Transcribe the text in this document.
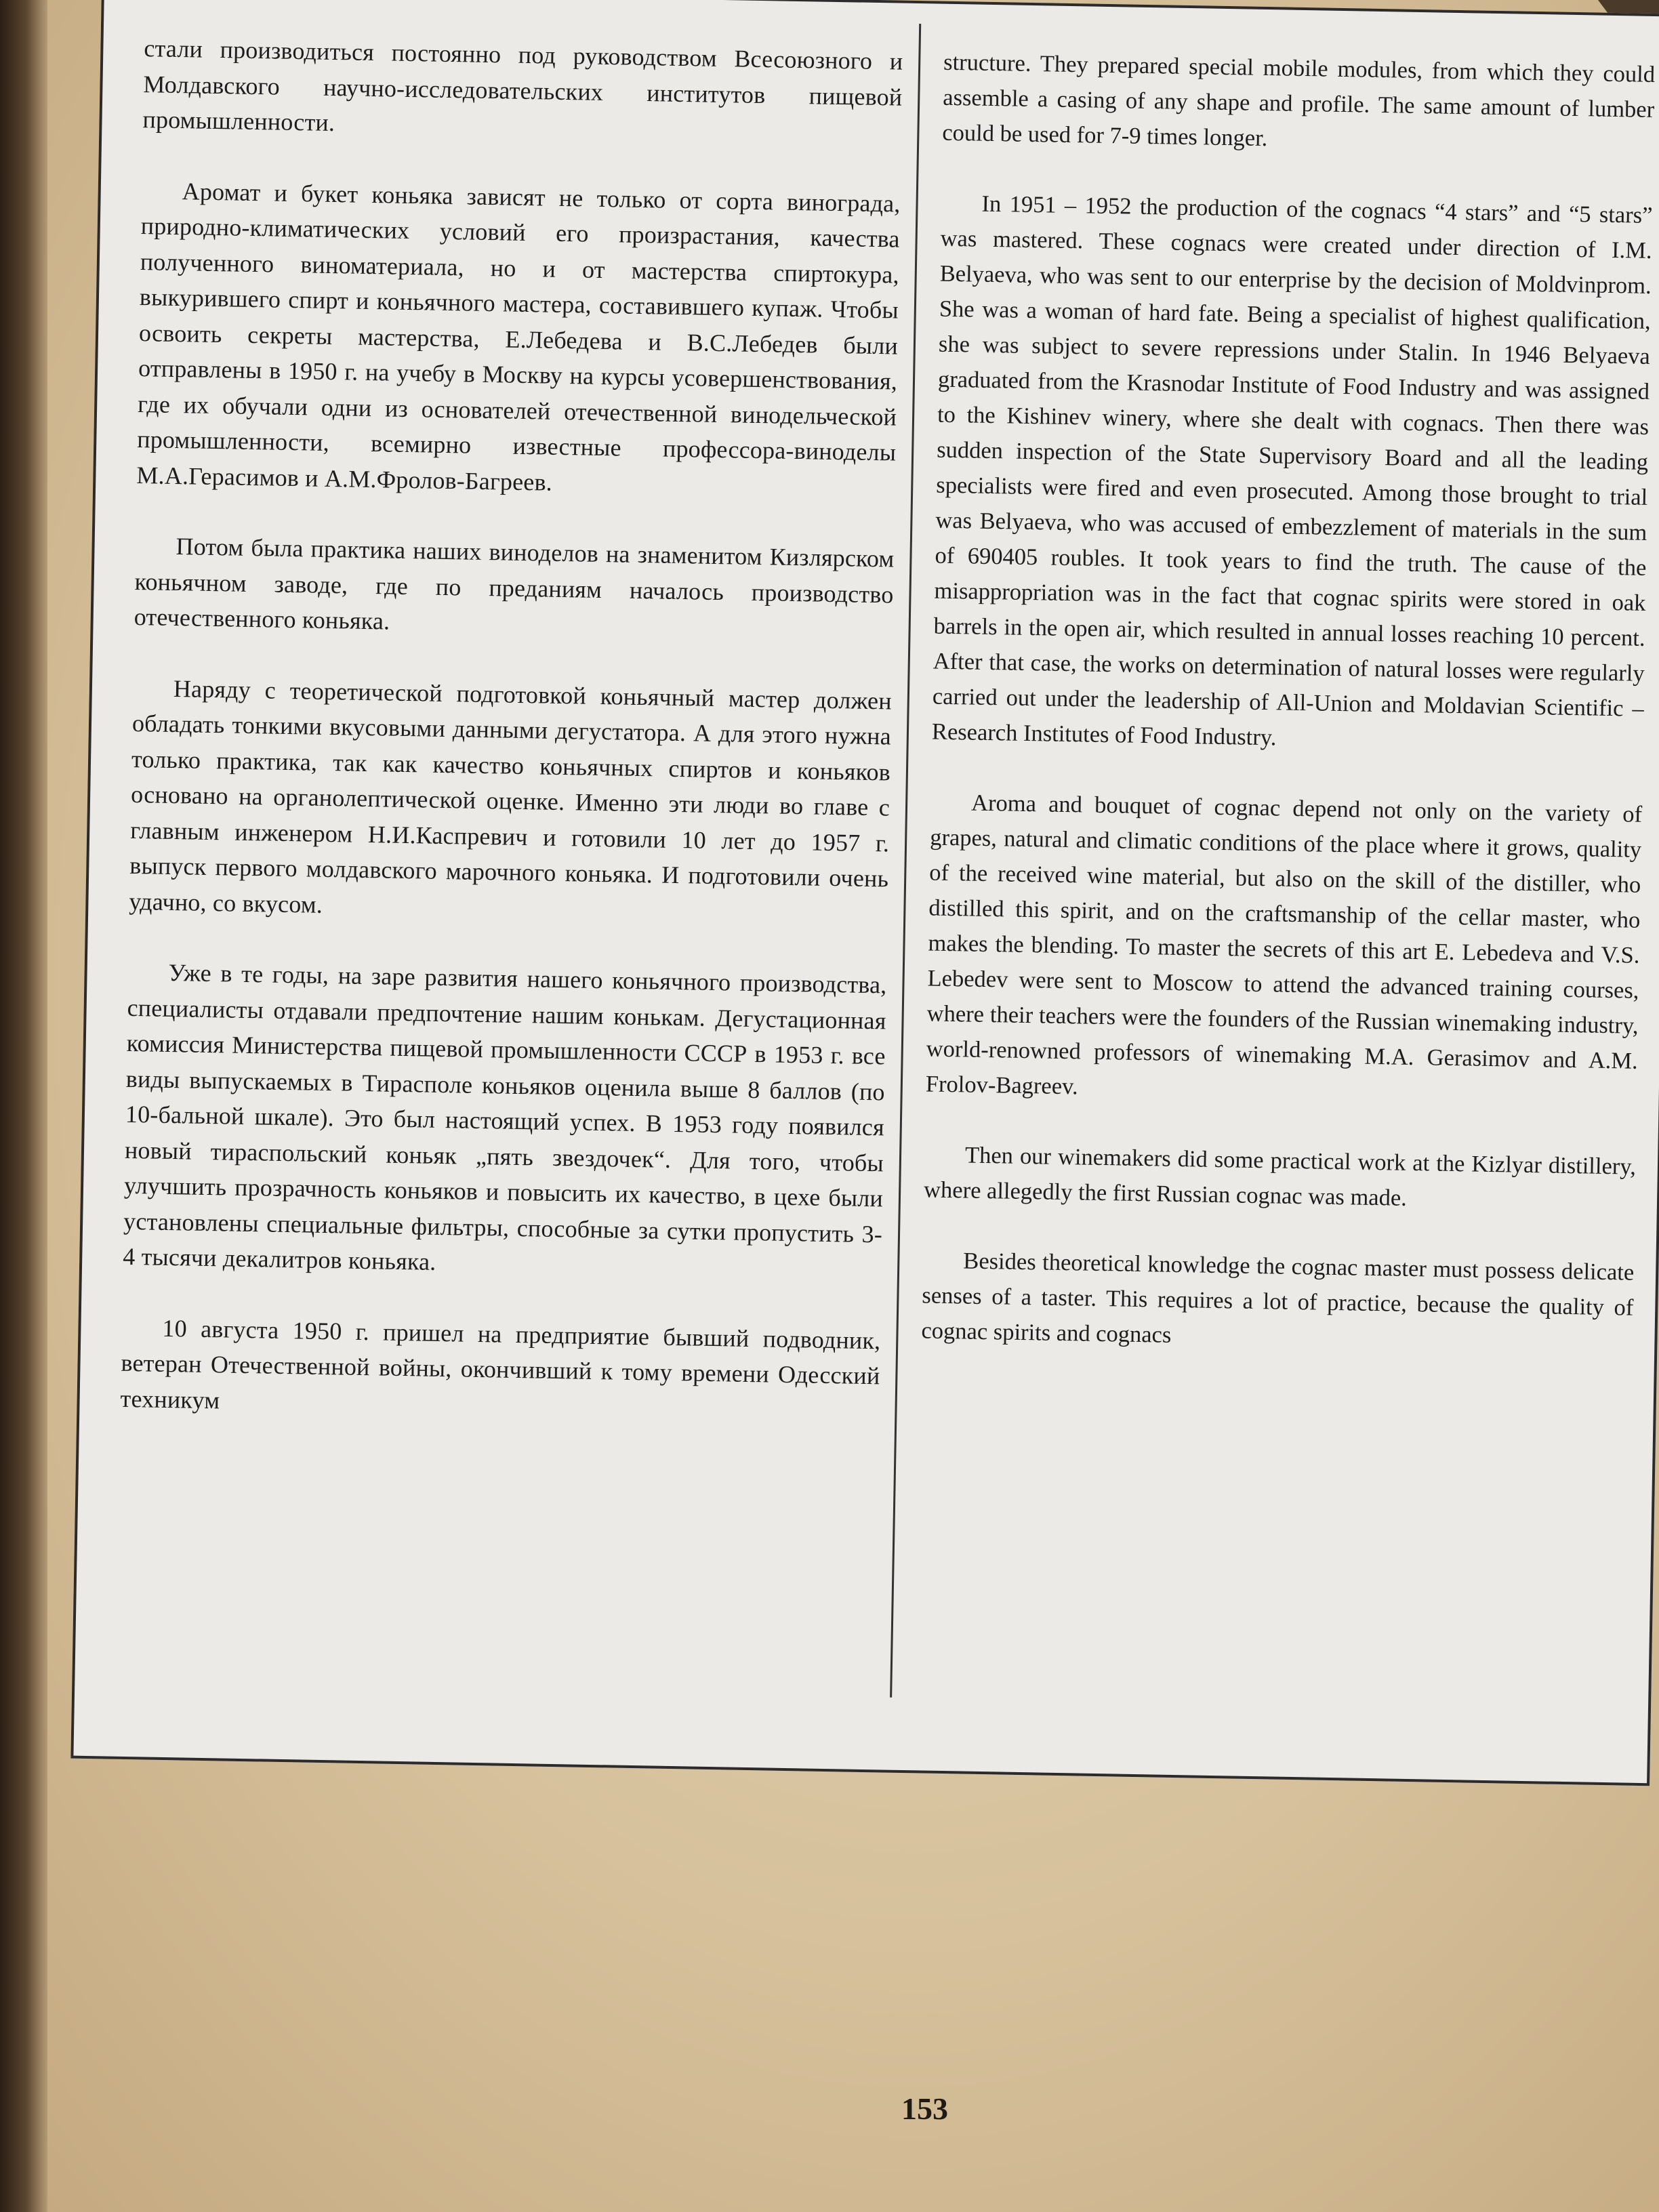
стали производиться постоянно под руководством Всесоюзного и Молдавского научно-исследовательских институтов пищевой промышленности.

Аромат и букет коньяка зависят не только от сорта винограда, природно-климатических условий его произрастания, качества полученного виноматериала, но и от мастерства спиртокура, выкурившего спирт и коньячного мастера, составившего купаж. Чтобы освоить секреты мастерства, Е.Лебедева и В.С.Лебедев были отправлены в 1950 г. на учебу в Москву на курсы усовершенствования, где их обучали одни из основателей отечественной винодельческой промышленности, всемирно известные профессора-виноделы М.А.Герасимов и А.М.Фролов-Багреев.

Потом была практика наших виноделов на знаменитом Кизлярском коньячном заводе, где по преданиям началось производство отечественного коньяка.

Наряду с теоретической подготовкой коньячный мастер должен обладать тонкими вкусовыми данными дегустатора. А для этого нужна только практика, так как качество коньячных спиртов и коньяков основано на органолептической оценке. Именно эти люди во главе с главным инженером Н.И.Каспревич и готовили 10 лет до 1957 г. выпуск первого молдавского марочного коньяка. И подготовили очень удачно, со вкусом.

Уже в те годы, на заре развития нашего коньячного производства, специалисты отдавали предпочтение нашим конькам. Дегустационная комиссия Министерства пищевой промышленности СССР в 1953 г. все виды выпускаемых в Тирасполе коньяков оценила выше 8 баллов (по 10-бальной шкале). Это был настоящий успех. В 1953 году появился новый тираспольский коньяк „пять звездочек“. Для того, чтобы улучшить прозрачность коньяков и повысить их качество, в цехе были установлены специальные фильтры, способные за сутки пропустить 3-4 тысячи декалитров коньяка.

10 августа 1950 г. пришел на предприятие бывший подводник, ветеран Отечественной войны, окончивший к тому времени Одесский техникум

structure. They prepared special mobile modules, from which they could assemble a casing of any shape and profile. The same amount of lumber could be used for 7-9 times longer.

In 1951 – 1952 the production of the cognacs “4 stars” and “5 stars” was mastered. These cognacs were created under direction of I.M. Belyaeva, who was sent to our enterprise by the decision of Moldvinprom. She was a woman of hard fate. Being a specialist of highest qualification, she was subject to severe repressions under Stalin. In 1946 Belyaeva graduated from the Krasnodar Institute of Food Industry and was assigned to the Kishinev winery, where she dealt with cognacs. Then there was sudden inspection of the State Supervisory Board and all the leading specialists were fired and even prosecuted. Among those brought to trial was Belyaeva, who was accused of embezzlement of materials in the sum of 690405 roubles. It took years to find the truth. The cause of the misappropriation was in the fact that cognac spirits were stored in oak barrels in the open air, which resulted in annual losses reaching 10 percent. After that case, the works on determination of natural losses were regularly carried out under the leadership of All-Union and Moldavian Scientific – Research Institutes of Food Industry.

Aroma and bouquet of cognac depend not only on the variety of grapes, natural and climatic conditions of the place where it grows, quality of the received wine material, but also on the skill of the distiller, who distilled this spirit, and on the craftsmanship of the cellar master, who makes the blending. To master the secrets of this art E. Lebedeva and V.S. Lebedev were sent to Moscow to attend the advanced training courses, where their teachers were the founders of the Russian winemaking industry, world-renowned professors of winemaking M.A. Gerasimov and A.M. Frolov-Bagreev.

Then our winemakers did some practical work at the Kizlyar distillery, where allegedly the first Russian cognac was made.

Besides theoretical knowledge the cognac master must possess delicate senses of a taster. This requires a lot of practice, because the quality of cognac spirits and cognacs

153
